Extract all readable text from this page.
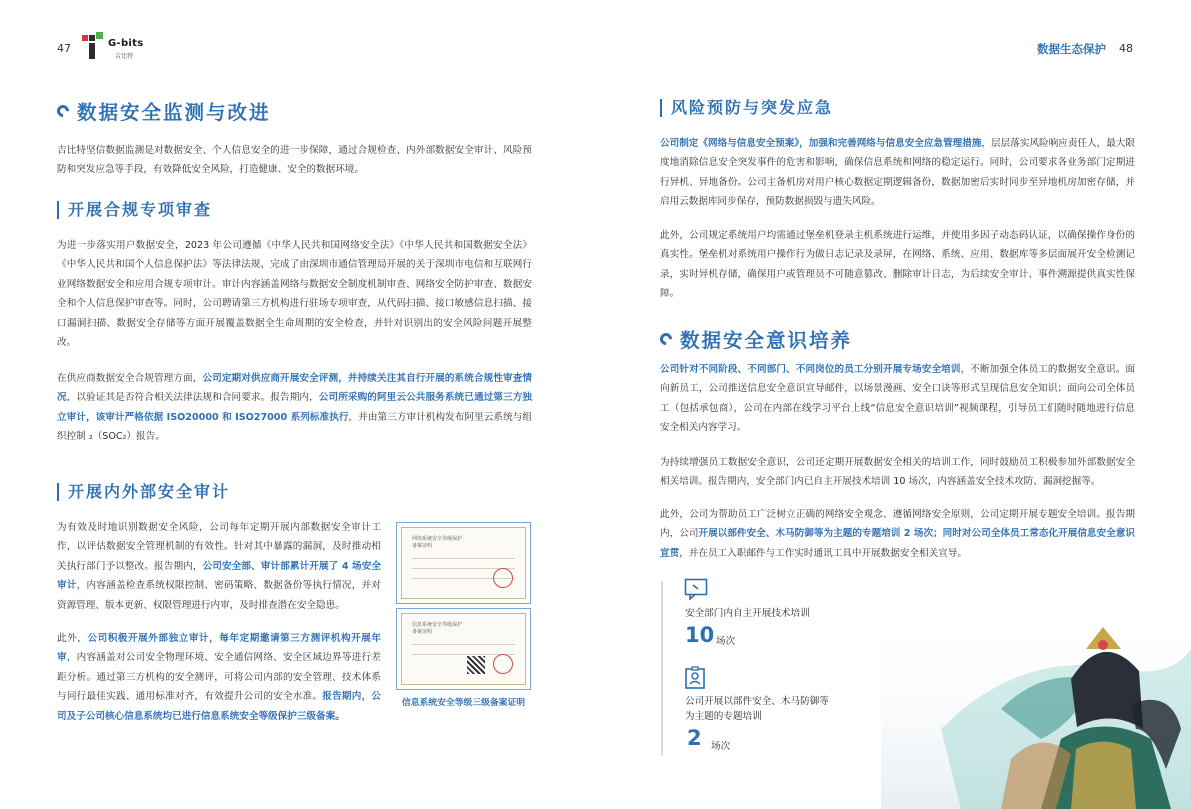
47	G-bits
吉比特
数据生态保护 48
数据安全监测与改进
吉比特坚信数据监测是对数据安全、个人信息安全的进一步保障，通过合规检查、内外部数据安全审计、风险预防和突发应急等手段，有效降低安全风险，打造健康、安全的数据环境。
开展合规专项审查
为进一步落实用户数据安全，2023 年公司遵循《中华人民共和国网络安全法》《中华人民共和国数据安全法》《中华人民共和国个人信息保护法》等法律法规，完成了由深圳市通信管理局开展的关于深圳市电信和互联网行业网络数据安全和应用合规专项审计。审计内容涵盖网络与数据安全制度机制审查、网络安全防护审查、数据安全和个人信息保护审查等。同时，公司聘请第三方机构进行驻场专项审查，从代码扫描、接口敏感信息扫描、接口漏洞扫描、数据安全存储等方面开展覆盖数据全生命周期的安全检查，并针对识别出的安全风险问题开展整改。
在供应商数据安全合规管理方面，公司定期对供应商开展安全评测，并持续关注其自行开展的系统合规性审查情况，以验证其是否符合相关法律法规和合同要求。报告期内，公司所采购的阿里云公共服务系统已通过第三方独立审计，该审计严格依据 ISO20000 和 ISO27000 系列标准执行，并由第三方审计机构发布阿里云系统与组织控制 ₂（SOC₂）报告。
开展内外部安全审计
为有效及时地识别数据安全风险，公司每年定期开展内部数据安全审计工作，以评估数据安全管理机制的有效性。针对其中暴露的漏洞，及时推动相关执行部门予以整改。报告期内，公司安全部、审计部累计开展了 4 场安全审计，内容涵盖检查系统权限控制、密码策略、数据备份等执行情况，并对资源管理、版本更新、权限管理进行内审，及时排查潜在安全隐患。
此外，公司积极开展外部独立审计，每年定期邀请第三方测评机构开展年审，内容涵盖对公司安全物理环境、安全通信网络、安全区域边界等进行差距分析。通过第三方机构的安全测评，可将公司内部的安全管理、技术体系与同行最佳实践、通用标准对齐，有效提升公司的安全水准。报告期内，公司及子公司核心信息系统均已进行信息系统安全等级保护三级备案。
网络系统安全等级保护
备案证明
信息系统安全等级保护
备案证明
信息系统安全等级三级备案证明
风险预防与突发应急
公司制定《网络与信息安全预案》，加强和完善网络与信息安全应急管理措施，层层落实风险响应责任人，最大限度地消除信息安全突发事件的危害和影响，确保信息系统和网络的稳定运行。同时，公司要求各业务部门定期进行异机、异地备份。公司主备机房对用户核心数据定期逻辑备份，数据加密后实时同步至异地机房加密存储，并启用云数据库同步保存，预防数据损毁与遗失风险。
此外，公司规定系统用户均需通过堡垒机登录主机系统进行运维，并使用多因子动态码认证，以确保操作身份的真实性。堡垒机对系统用户操作行为做日志记录及录屏，在网络、系统、应用、数据库等多层面展开安全检测记录，实时异机存储，确保用户或管理员不可随意篡改、删除审计日志，为后续安全审计、事件溯源提供真实性保障。
数据安全意识培养
公司针对不同阶段、不同部门、不同岗位的员工分别开展专场安全培训，不断加强全体员工的数据安全意识。面向新员工，公司推送信息安全意识宣导邮件，以场景漫画、安全口诀等形式呈现信息安全知识；面向公司全体员工（包括承包商），公司在内部在线学习平台上线“信息安全意识培训”视频课程，引导员工们随时随地进行信息安全相关内容学习。
为持续增强员工数据安全意识，公司还定期开展数据安全相关的培训工作，同时鼓励员工积极参加外部数据安全相关培训。报告期内，安全部门内已自主开展技术培训 10 场次，内容涵盖安全技术攻防、漏洞挖掘等。
此外，公司为帮助员工广泛树立正确的网络安全观念、遵循网络安全原则，公司定期开展专题安全培训。报告期内，公司开展以部件安全、木马防御等为主题的专题培训 2 场次；同时对公司全体员工常态化开展信息安全意识宣贯，并在员工入职邮件与工作实时通讯工具中开展数据安全相关宣导。
安全部门内自主开展技术培训
10 场次
公司开展以部件安全、木马防御等
为主题的专题培训
2 场次
